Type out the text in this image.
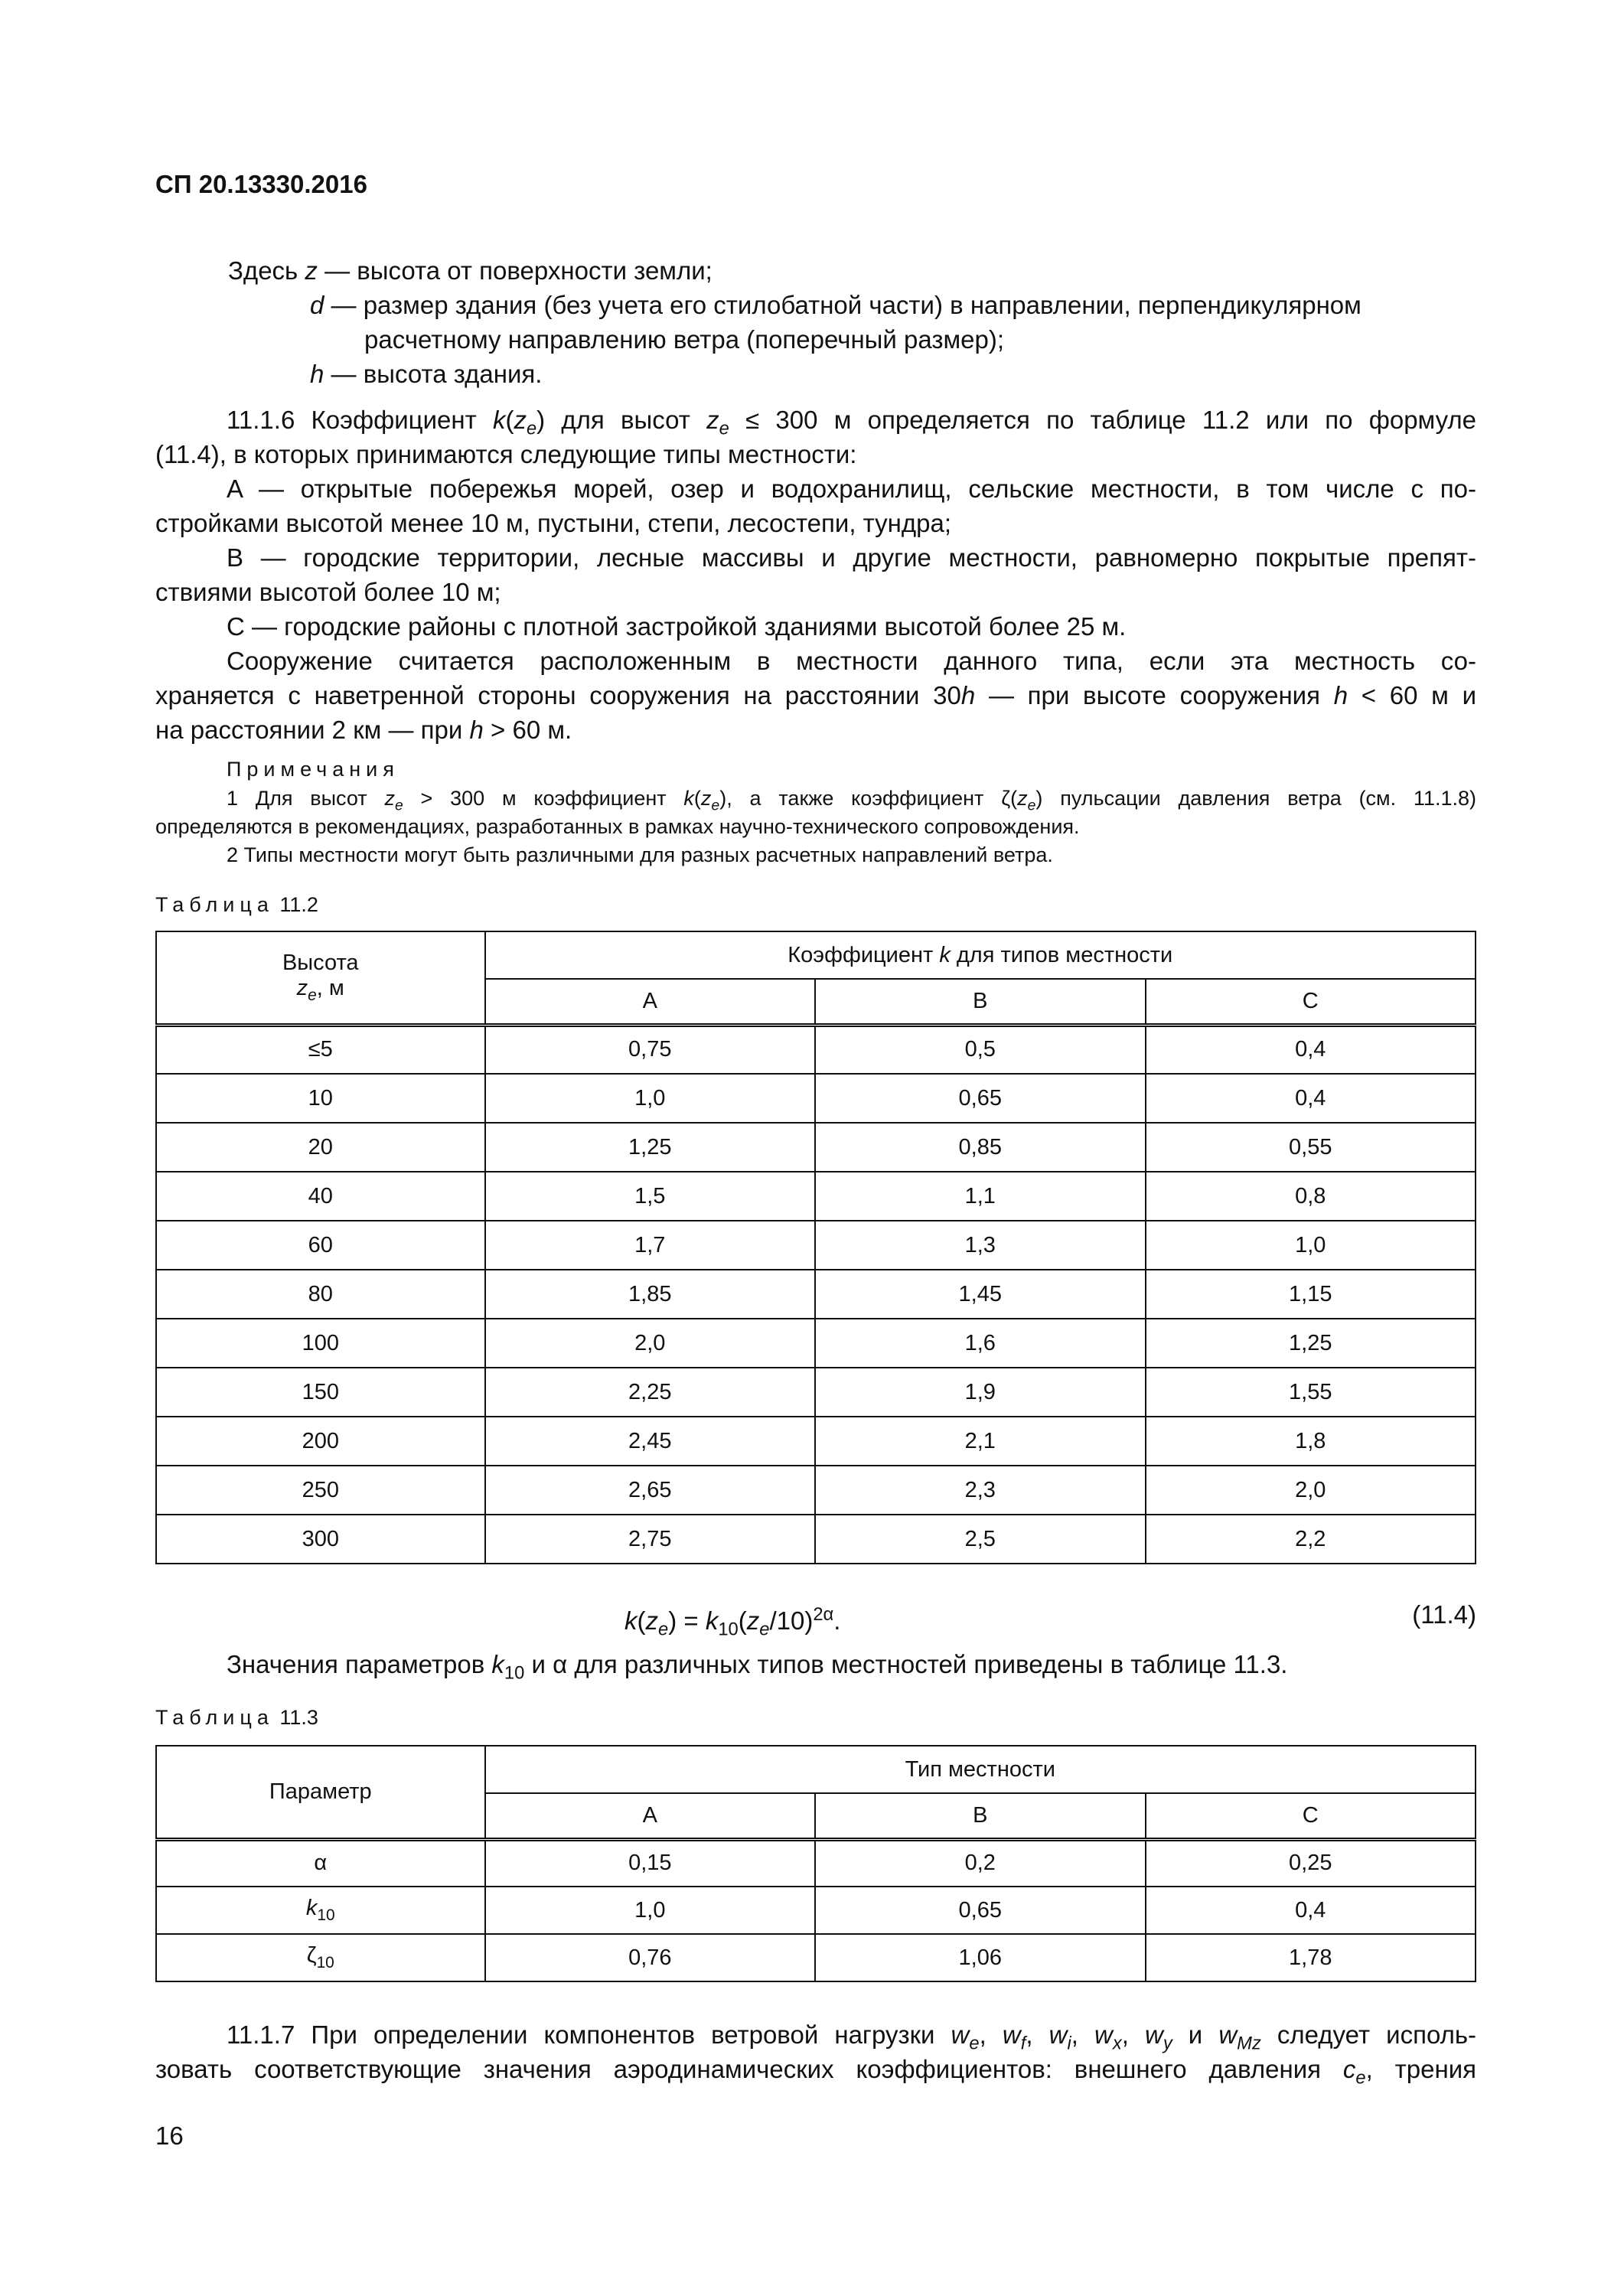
СП 20.13330.2016
Здесь z — высота от поверхности земли;
d — размер здания (без учета его стилобатной части) в направлении, перпендикулярном
расчетному направлению ветра (поперечный размер);
h — высота здания.
11.1.6 Коэффициент $k(z_e)$ для высот $z_e \le 300$ м определяется по таблице 11.2 или по формуле
(11.4), в которых принимаются следующие типы местности:
A — открытые побережья морей, озер и водохранилищ, сельские местности, в том числе с по-
стройками высотой менее 10 м, пустыни, степи, лесостепи, тундра;
B — городские территории, лесные массивы и другие местности, равномерно покрытые препят-
ствиями высотой более 10 м;
C — городские районы с плотной застройкой зданиями высотой более 25 м.
Сооружение считается расположенным в местности данного типа, если эта местность со-
храняется с наветренной стороны сооружения на расстоянии 30h — при высоте сооружения h < 60 м и
на расстоянии 2 км — при h > 60 м.
Примечания
1 Для высот $z_e > 300$ м коэффициент $k(z_e)$, а также коэффициент $\zeta(z_e)$ пульсации давления ветра (см. 11.1.8)
определяются в рекомендациях, разработанных в рамках научно-технического сопровождения.
2 Типы местности могут быть различными для разных расчетных направлений ветра.
Таблица 11.2
Высота
$z_e$, м	Коэффициент k для типов местности		
	A	B	C
≤5	0,75	0,5	0,4
10	1,0	0,65	0,4
20	1,25	0,85	0,55
40	1,5	1,1	0,8
60	1,7	1,3	1,0
80	1,85	1,45	1,15
100	2,0	1,6	1,25
150	2,25	1,9	1,55
200	2,45	2,1	1,8
250	2,65	2,3	2,0
300	2,75	2,5	2,2
$k(z_e) = k_{10}(z_e/10)^{2\alpha}$.	(11.4)
Значения параметров $k_{10}$ и α для различных типов местностей приведены в таблице 11.3.
Таблица 11.3
Параметр	Тип местности		
	A	B	C
α	0,15	0,2	0,25
$k_{10}$	1,0	0,65	0,4
$\zeta_{10}$	0,76	1,06	1,78
11.1.7 При определении компонентов ветровой нагрузки $w_e$, $w_f$, $w_i$, $w_x$, $w_y$ и $w_{Mz}$ следует исполь-
зовать соответствующие значения аэродинамических коэффициентов: внешнего давления $c_e$, трения
16
